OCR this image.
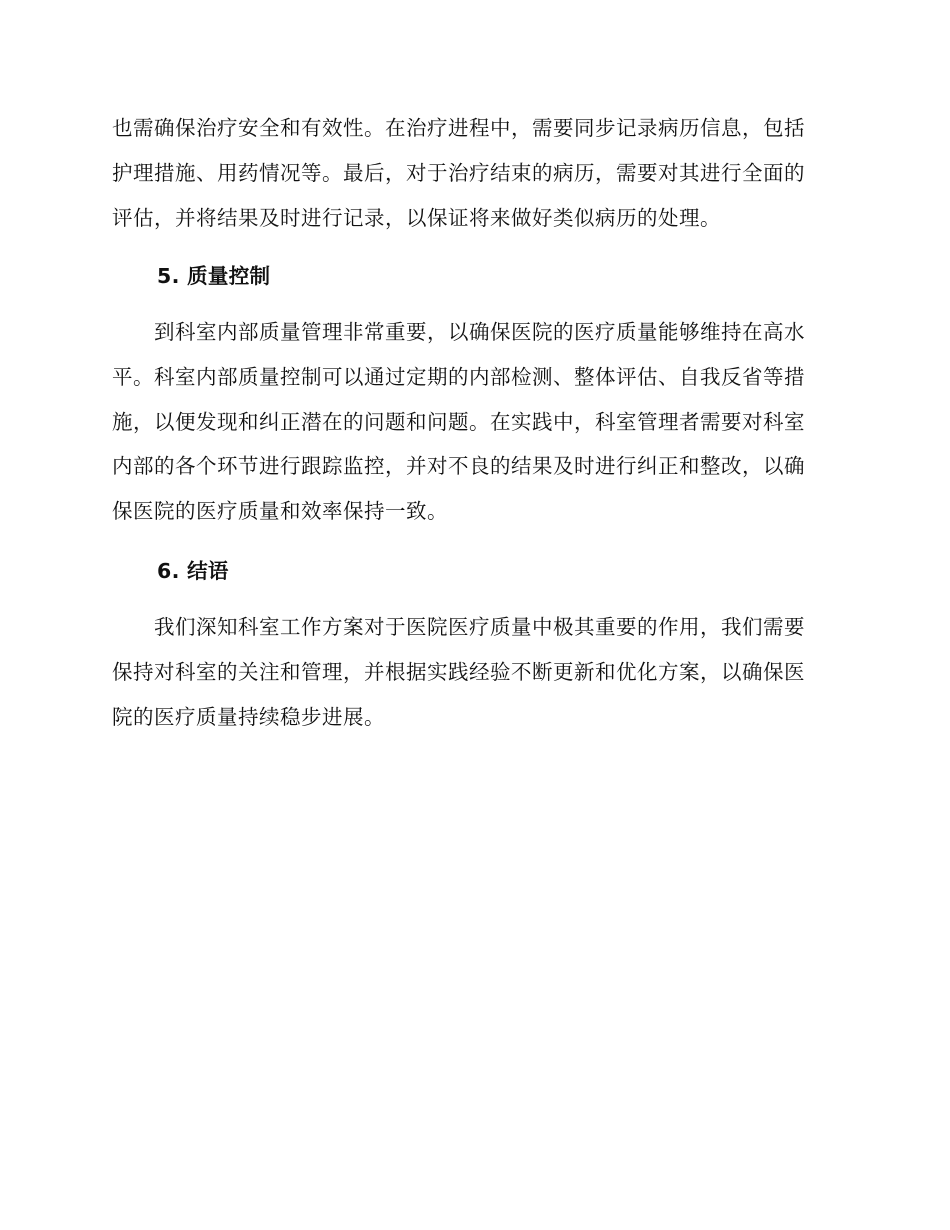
也需确保治疗安全和有效性。在治疗进程中，需要同步记录病历信息，包括
护理措施、用药情况等。最后，对于治疗结束的病历，需要对其进行全面的
评估，并将结果及时进行记录，以保证将来做好类似病历的处理。

5. 质量控制

　　到科室内部质量管理非常重要，以确保医院的医疗质量能够维持在高水
平。科室内部质量控制可以通过定期的内部检测、整体评估、自我反省等措
施，以便发现和纠正潜在的问题和问题。在实践中，科室管理者需要对科室
内部的各个环节进行跟踪监控，并对不良的结果及时进行纠正和整改，以确
保医院的医疗质量和效率保持一致。

6. 结语

　　我们深知科室工作方案对于医院医疗质量中极其重要的作用，我们需要
保持对科室的关注和管理，并根据实践经验不断更新和优化方案，以确保医
院的医疗质量持续稳步进展。
